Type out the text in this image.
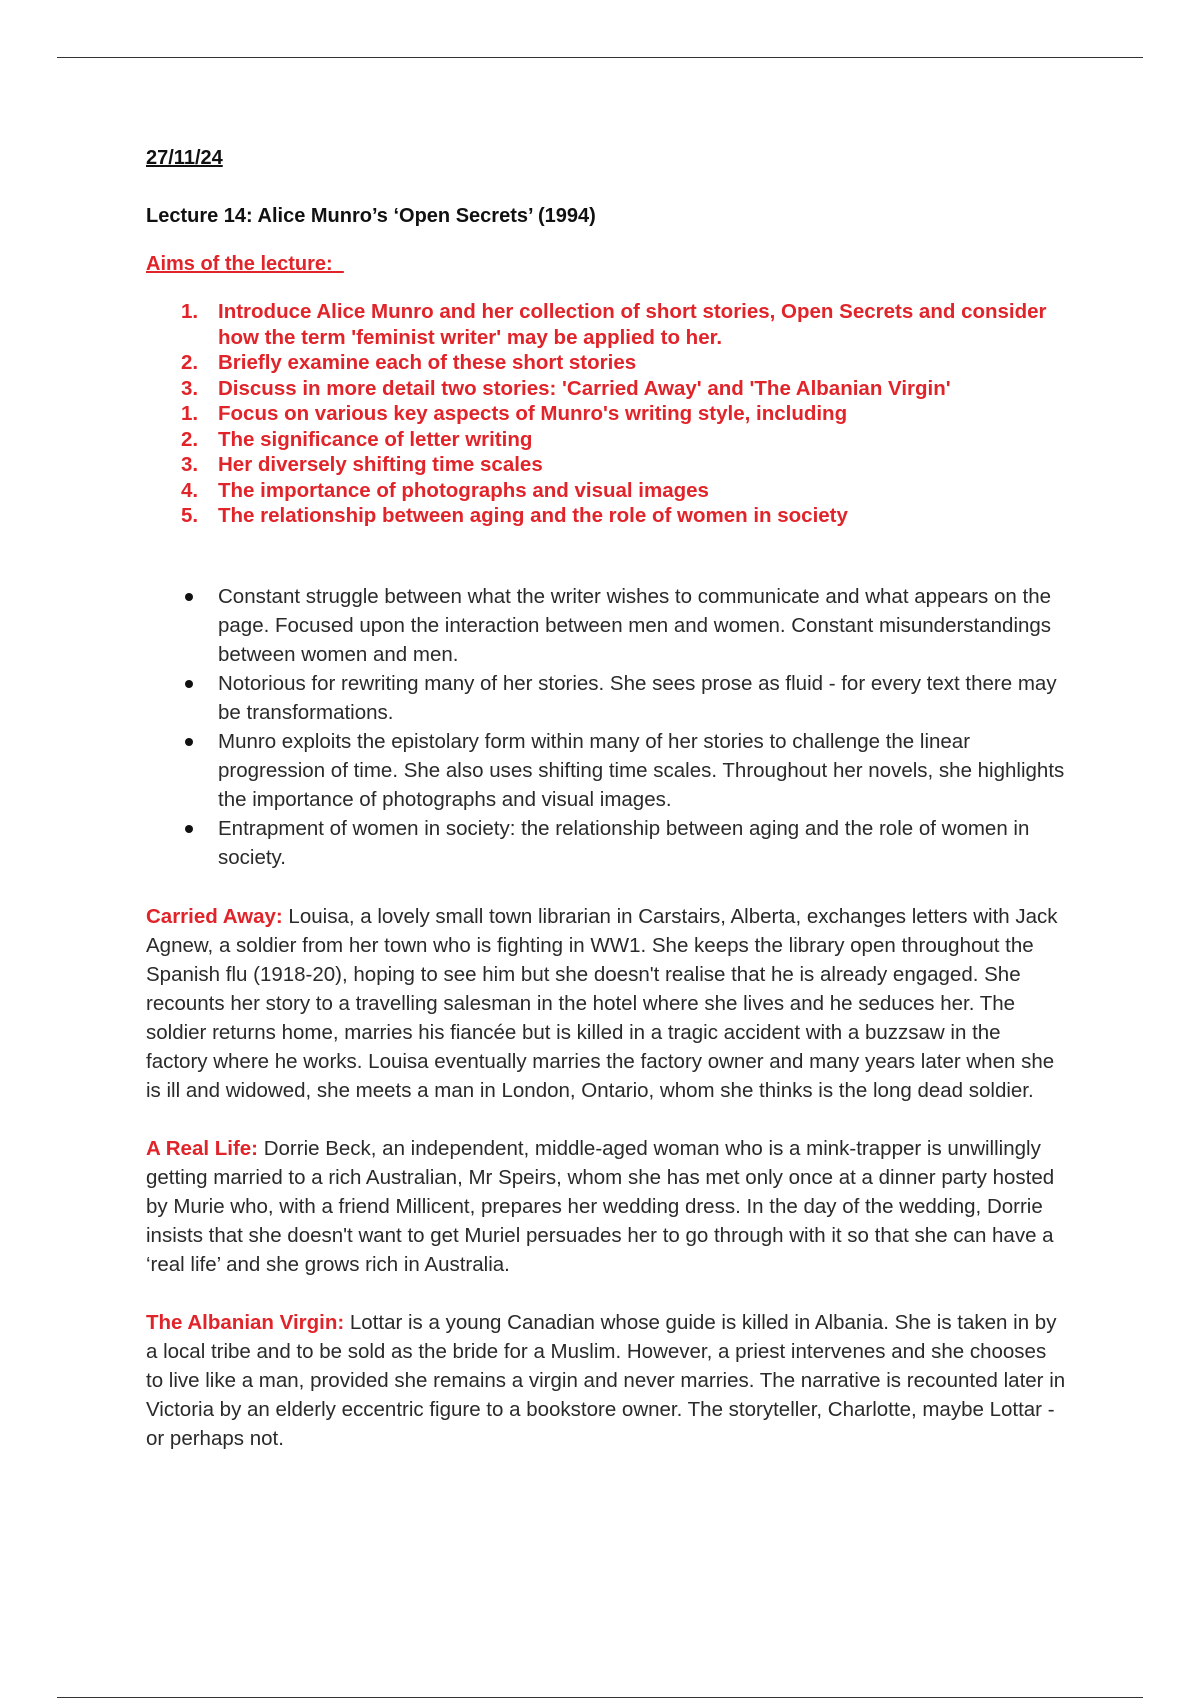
27/11/24

Lecture 14: Alice Munro’s ‘Open Secrets’ (1994)

Aims of the lecture:

1. Introduce Alice Munro and her collection of short stories, Open Secrets and consider how the term 'feminist writer' may be applied to her.
2. Briefly examine each of these short stories
3. Discuss in more detail two stories: 'Carried Away' and 'The Albanian Virgin'
1. Focus on various key aspects of Munro's writing style, including
2. The significance of letter writing
3. Her diversely shifting time scales
4. The importance of photographs and visual images
5. The relationship between aging and the role of women in society
Constant struggle between what the writer wishes to communicate and what appears on the page. Focused upon the interaction between men and women. Constant misunderstandings between women and men.
Notorious for rewriting many of her stories. She sees prose as fluid - for every text there may be transformations.
Munro exploits the epistolary form within many of her stories to challenge the linear progression of time. She also uses shifting time scales. Throughout her novels, she highlights the importance of photographs and visual images.
Entrapment of women in society: the relationship between aging and the role of women in society.

Carried Away: Louisa, a lovely small town librarian in Carstairs, Alberta, exchanges letters with Jack Agnew, a soldier from her town who is fighting in WW1. She keeps the library open throughout the Spanish flu (1918-20), hoping to see him but she doesn't realise that he is already engaged. She recounts her story to a travelling salesman in the hotel where she lives and he seduces her. The soldier returns home, marries his fiancée but is killed in a tragic accident with a buzzsaw in the factory where he works. Louisa eventually marries the factory owner and many years later when she is ill and widowed, she meets a man in London, Ontario, whom she thinks is the long dead soldier.

A Real Life: Dorrie Beck, an independent, middle-aged woman who is a mink-trapper is unwillingly getting married to a rich Australian, Mr Speirs, whom she has met only once at a dinner party hosted by Murie who, with a friend Millicent, prepares her wedding dress. In the day of the wedding, Dorrie insists that she doesn't want to get Muriel persuades her to go through with it so that she can have a ‘real life’ and she grows rich in Australia.

The Albanian Virgin: Lottar is a young Canadian whose guide is killed in Albania. She is taken in by a local tribe and to be sold as the bride for a Muslim. However, a priest intervenes and she chooses to live like a man, provided she remains a virgin and never marries. The narrative is recounted later in Victoria by an elderly eccentric figure to a bookstore owner. The storyteller, Charlotte, maybe Lottar - or perhaps not.
